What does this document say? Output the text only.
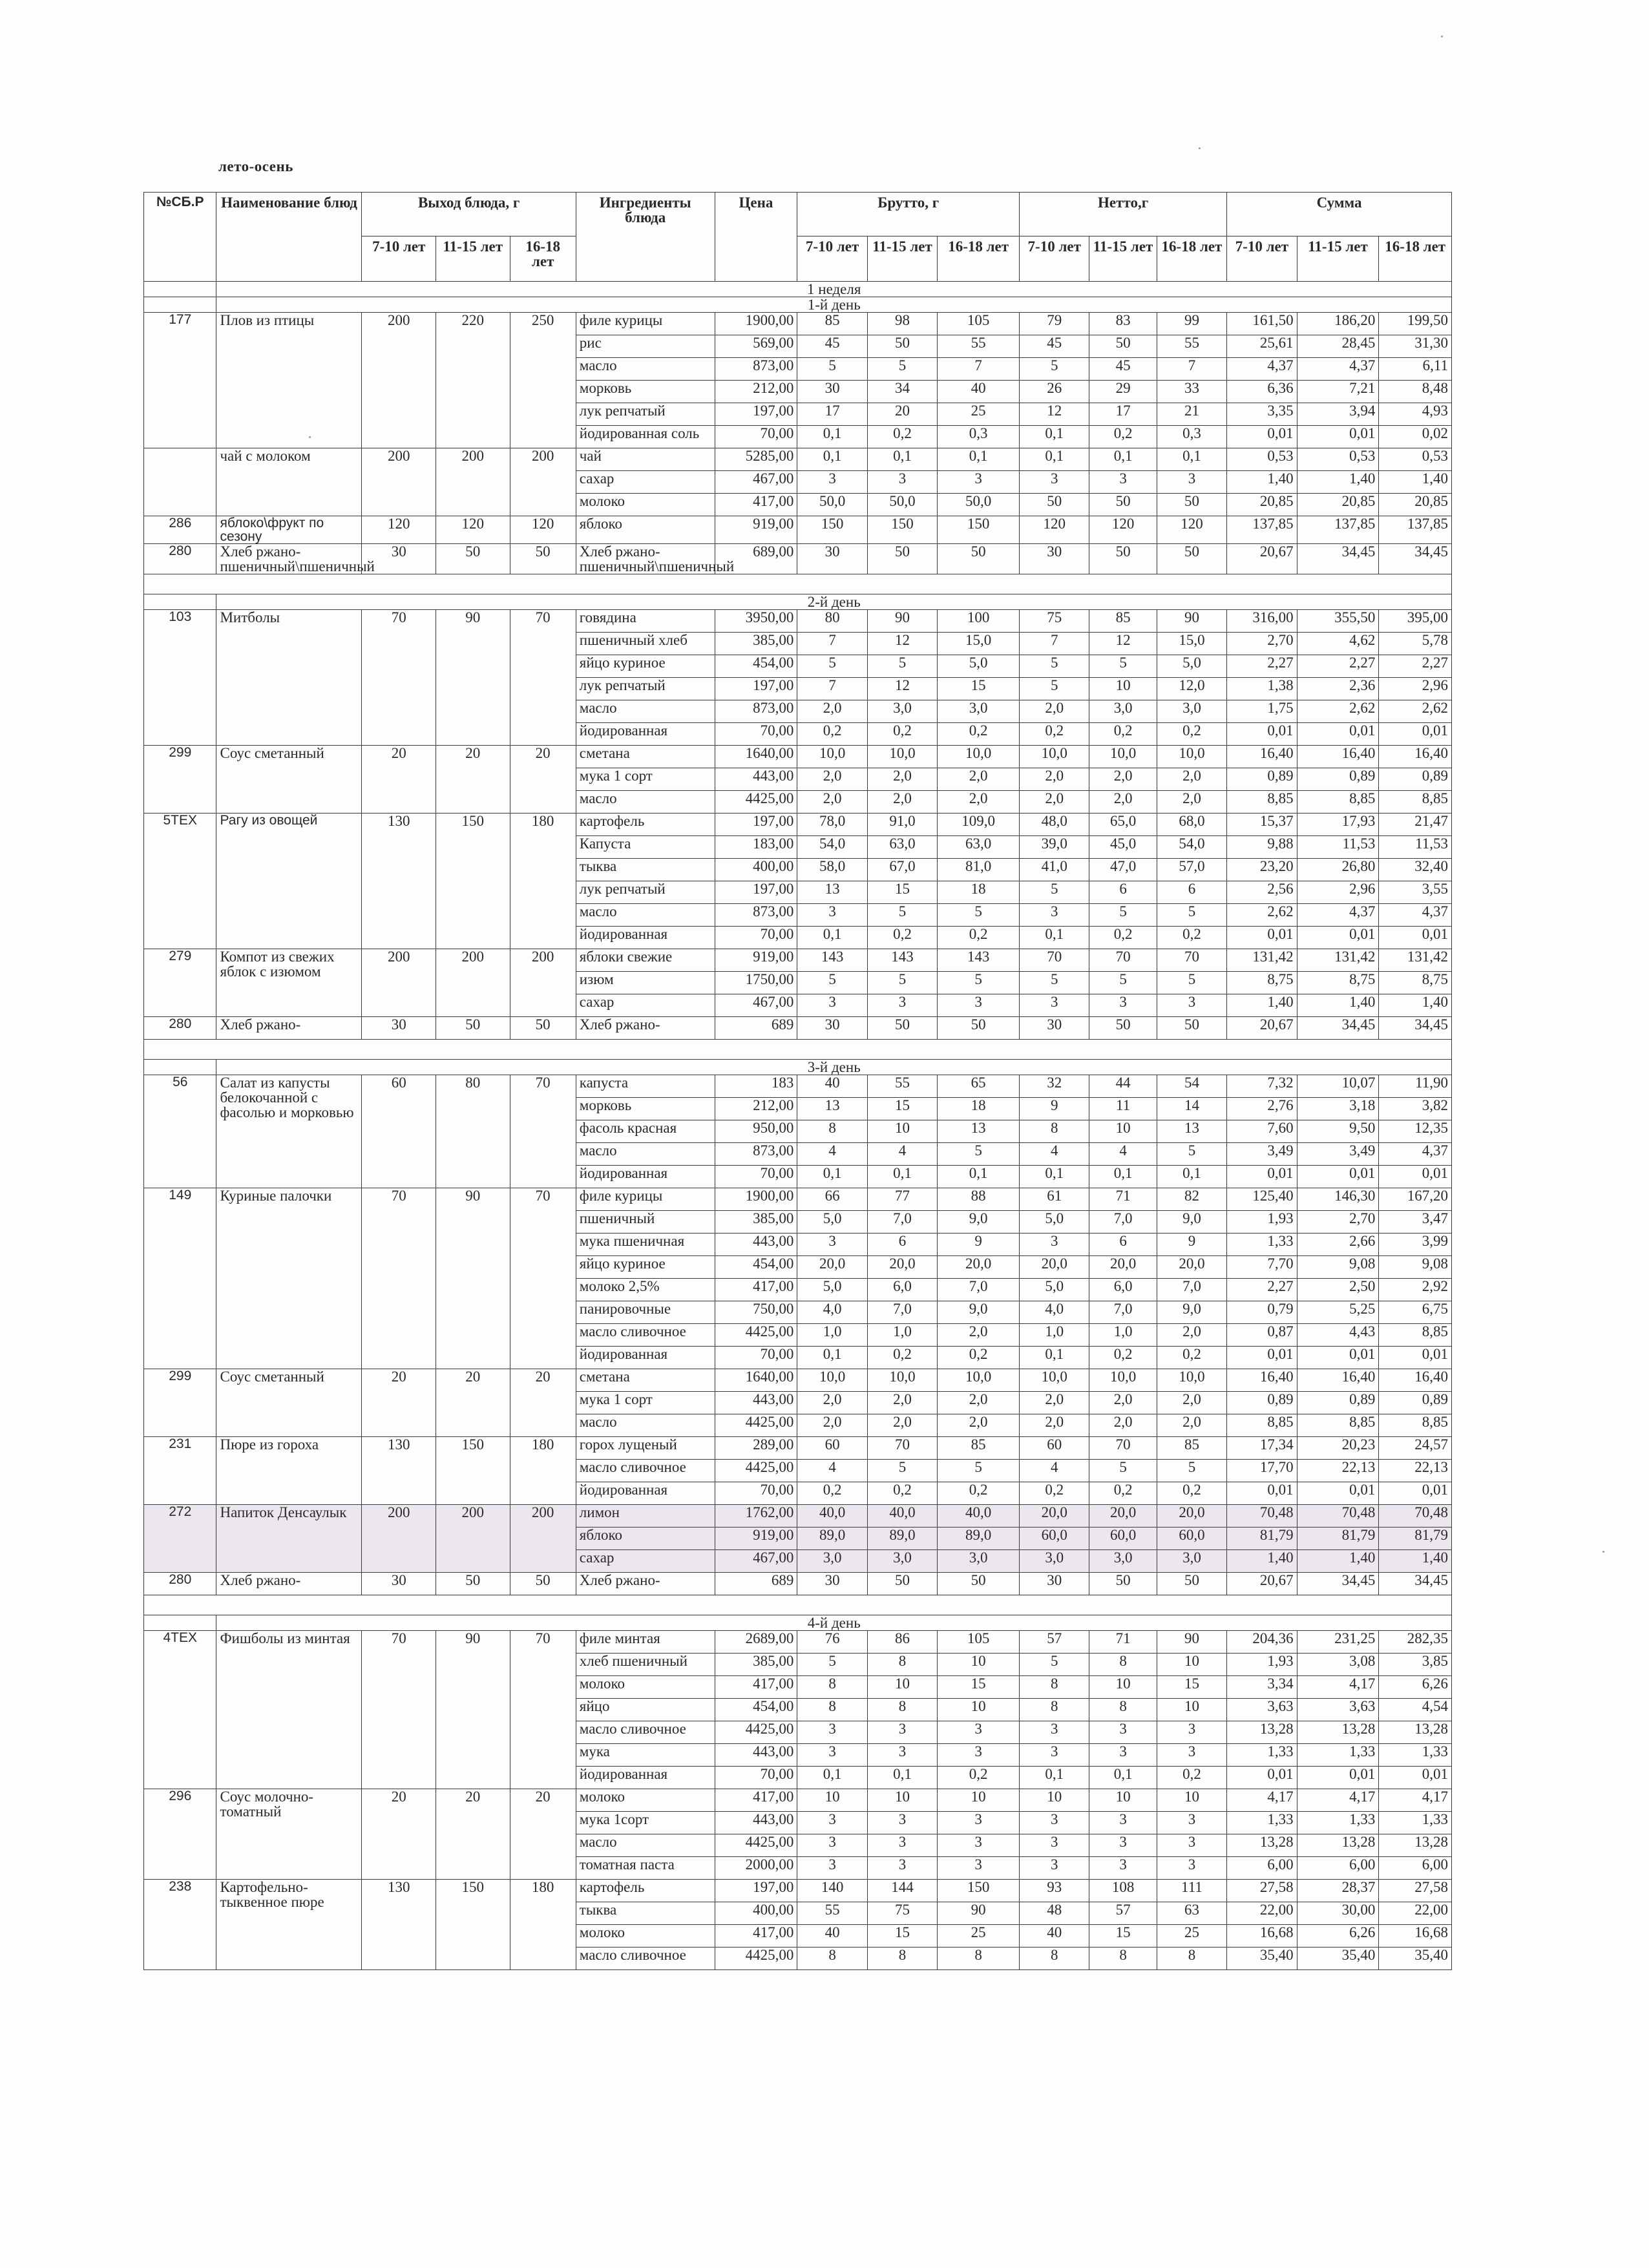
лето-осень
№СБ.Р	Наименование блюд	Выход блюда, г			Ингредиенты блюда	Цена	Брутто, г			Нетто,г			Сумма		
		7-10 лет	11-15 лет	16-18 лет			7-10 лет	11-15 лет	16-18 лет	7-10 лет	11-15 лет	16-18 лет	7-10 лет	11-15 лет	16-18 лет
	1 неделя														
	1-й день														
177	Плов из птицы	200	220	250	филе курицы	1900,00	85	98	105	79	83	99	161,50	186,20	199,50
					рис	569,00	45	50	55	45	50	55	25,61	28,45	31,30
					масло	873,00	5	5	7	5	45	7	4,37	4,37	6,11
					морковь	212,00	30	34	40	26	29	33	6,36	7,21	8,48
					лук репчатый	197,00	17	20	25	12	17	21	3,35	3,94	4,93
					йодированная соль	70,00	0,1	0,2	0,3	0,1	0,2	0,3	0,01	0,01	0,02
	чай с молоком	200	200	200	чай	5285,00	0,1	0,1	0,1	0,1	0,1	0,1	0,53	0,53	0,53
					сахар	467,00	3	3	3	3	3	3	1,40	1,40	1,40
					молоко	417,00	50,0	50,0	50,0	50	50	50	20,85	20,85	20,85
286	яблоко\фрукт по сезону	120	120	120	яблоко	919,00	150	150	150	120	120	120	137,85	137,85	137,85
280	Хлеб ржано-пшеничный\пшеничный	30	50	50	Хлеб ржано-пшеничный\пшеничный	689,00	30	50	50	30	50	50	20,67	34,45	34,45

	2-й день														
103	Митболы	70	90	70	говядина	3950,00	80	90	100	75	85	90	316,00	355,50	395,00
					пшеничный хлеб	385,00	7	12	15,0	7	12	15,0	2,70	4,62	5,78
					яйцо куриное	454,00	5	5	5,0	5	5	5,0	2,27	2,27	2,27
					лук репчатый	197,00	7	12	15	5	10	12,0	1,38	2,36	2,96
					масло	873,00	2,0	3,0	3,0	2,0	3,0	3,0	1,75	2,62	2,62
					йодированная	70,00	0,2	0,2	0,2	0,2	0,2	0,2	0,01	0,01	0,01
299	Соус сметанный	20	20	20	сметана	1640,00	10,0	10,0	10,0	10,0	10,0	10,0	16,40	16,40	16,40
					мука 1 сорт	443,00	2,0	2,0	2,0	2,0	2,0	2,0	0,89	0,89	0,89
					масло	4425,00	2,0	2,0	2,0	2,0	2,0	2,0	8,85	8,85	8,85
5TEX	Рагу из овощей	130	150	180	картофель	197,00	78,0	91,0	109,0	48,0	65,0	68,0	15,37	17,93	21,47
					Капуста	183,00	54,0	63,0	63,0	39,0	45,0	54,0	9,88	11,53	11,53
					тыква	400,00	58,0	67,0	81,0	41,0	47,0	57,0	23,20	26,80	32,40
					лук репчатый	197,00	13	15	18	5	6	6	2,56	2,96	3,55
					масло	873,00	3	5	5	3	5	5	2,62	4,37	4,37
					йодированная	70,00	0,1	0,2	0,2	0,1	0,2	0,2	0,01	0,01	0,01
279	Компот из свежих яблок с изюмом	200	200	200	яблоки свежие	919,00	143	143	143	70	70	70	131,42	131,42	131,42
					изюм	1750,00	5	5	5	5	5	5	8,75	8,75	8,75
					сахар	467,00	3	3	3	3	3	3	1,40	1,40	1,40
280	Хлеб ржано-	30	50	50	Хлеб ржано-	689	30	50	50	30	50	50	20,67	34,45	34,45

	3-й день														
56	Салат из капусты белокочанной с фасолью и морковью	60	80	70	капуста	183	40	55	65	32	44	54	7,32	10,07	11,90
					морковь	212,00	13	15	18	9	11	14	2,76	3,18	3,82
					фасоль красная	950,00	8	10	13	8	10	13	7,60	9,50	12,35
					масло	873,00	4	4	5	4	4	5	3,49	3,49	4,37
					йодированная	70,00	0,1	0,1	0,1	0,1	0,1	0,1	0,01	0,01	0,01
149	Куриные палочки	70	90	70	филе курицы	1900,00	66	77	88	61	71	82	125,40	146,30	167,20
					пшеничный	385,00	5,0	7,0	9,0	5,0	7,0	9,0	1,93	2,70	3,47
					мука пшеничная	443,00	3	6	9	3	6	9	1,33	2,66	3,99
					яйцо куриное	454,00	20,0	20,0	20,0	20,0	20,0	20,0	7,70	9,08	9,08
					молоко 2,5%	417,00	5,0	6,0	7,0	5,0	6,0	7,0	2,27	2,50	2,92
					панировочные	750,00	4,0	7,0	9,0	4,0	7,0	9,0	0,79	5,25	6,75
					масло сливочное	4425,00	1,0	1,0	2,0	1,0	1,0	2,0	0,87	4,43	8,85
					йодированная	70,00	0,1	0,2	0,2	0,1	0,2	0,2	0,01	0,01	0,01
299	Соус сметанный	20	20	20	сметана	1640,00	10,0	10,0	10,0	10,0	10,0	10,0	16,40	16,40	16,40
					мука 1 сорт	443,00	2,0	2,0	2,0	2,0	2,0	2,0	0,89	0,89	0,89
					масло	4425,00	2,0	2,0	2,0	2,0	2,0	2,0	8,85	8,85	8,85
231	Пюре из гороха	130	150	180	горох лущеный	289,00	60	70	85	60	70	85	17,34	20,23	24,57
					масло сливочное	4425,00	4	5	5	4	5	5	17,70	22,13	22,13
					йодированная	70,00	0,2	0,2	0,2	0,2	0,2	0,2	0,01	0,01	0,01
272	Напиток Денсаулык	200	200	200	лимон	1762,00	40,0	40,0	40,0	20,0	20,0	20,0	70,48	70,48	70,48
					яблоко	919,00	89,0	89,0	89,0	60,0	60,0	60,0	81,79	81,79	81,79
					сахар	467,00	3,0	3,0	3,0	3,0	3,0	3,0	1,40	1,40	1,40
280	Хлеб ржано-	30	50	50	Хлеб ржано-	689	30	50	50	30	50	50	20,67	34,45	34,45

	4-й день														
4TEX	Фишболы из минтая	70	90	70	филе минтая	2689,00	76	86	105	57	71	90	204,36	231,25	282,35
					хлеб пшеничный	385,00	5	8	10	5	8	10	1,93	3,08	3,85
					молоко	417,00	8	10	15	8	10	15	3,34	4,17	6,26
					яйцо	454,00	8	8	10	8	8	10	3,63	3,63	4,54
					масло сливочное	4425,00	3	3	3	3	3	3	13,28	13,28	13,28
					мука	443,00	3	3	3	3	3	3	1,33	1,33	1,33
					йодированная	70,00	0,1	0,1	0,2	0,1	0,1	0,2	0,01	0,01	0,01
296	Соус молочно-томатный	20	20	20	молоко	417,00	10	10	10	10	10	10	4,17	4,17	4,17
					мука 1сорт	443,00	3	3	3	3	3	3	1,33	1,33	1,33
					масло	4425,00	3	3	3	3	3	3	13,28	13,28	13,28
					томатная паста	2000,00	3	3	3	3	3	3	6,00	6,00	6,00
238	Картофельно-тыквенное пюре	130	150	180	картофель	197,00	140	144	150	93	108	111	27,58	28,37	27,58
					тыква	400,00	55	75	90	48	57	63	22,00	30,00	22,00
					молоко	417,00	40	15	25	40	15	25	16,68	6,26	16,68
					масло сливочное	4425,00	8	8	8	8	8	8	35,40	35,40	35,40
